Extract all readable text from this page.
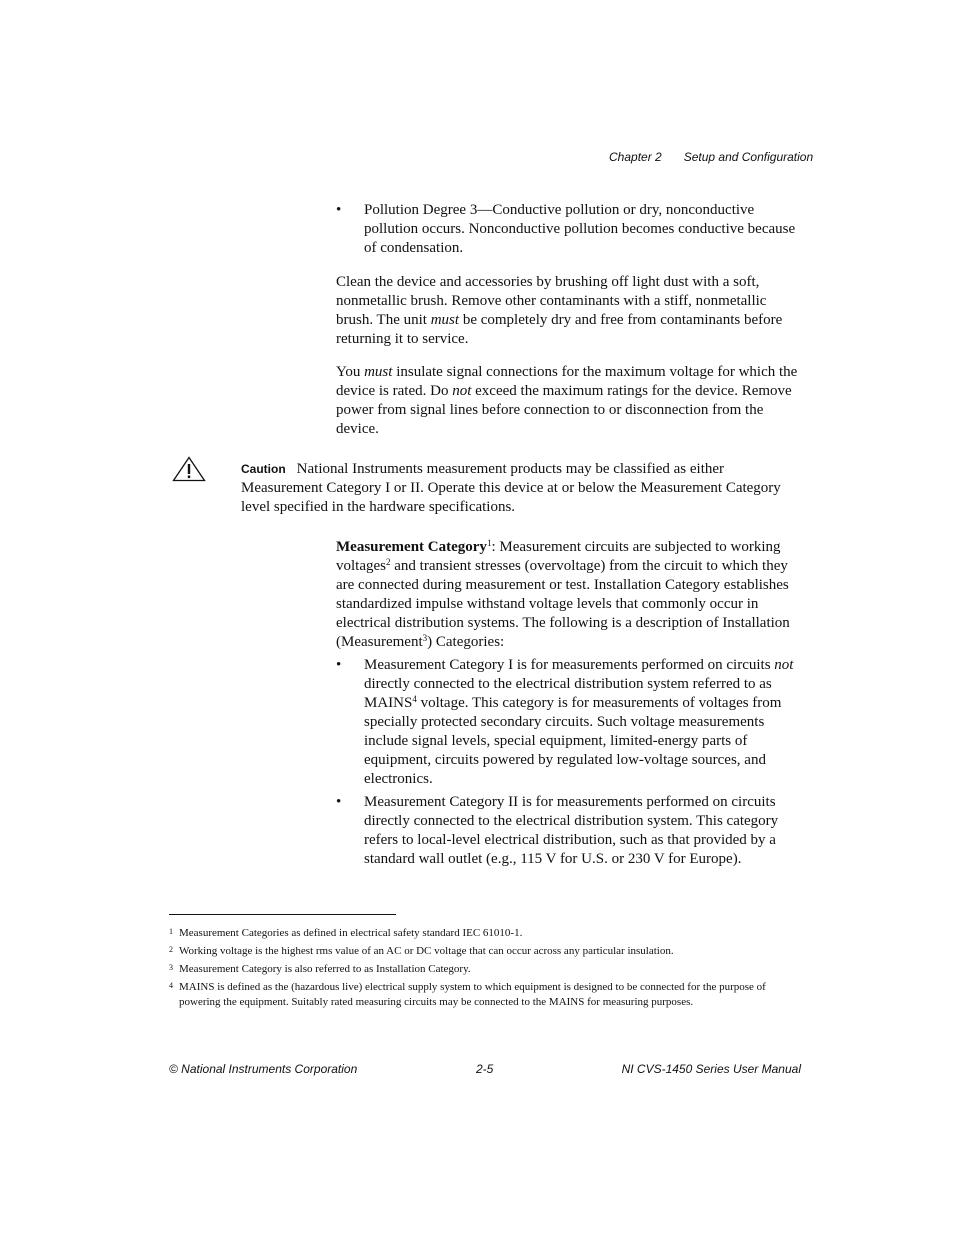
Chapter 2 Setup and Configuration
• Pollution Degree 3—Conductive pollution or dry, nonconductive pollution occurs. Nonconductive pollution becomes conductive because of condensation.
Clean the device and accessories by brushing off light dust with a soft, nonmetallic brush. Remove other contaminants with a stiff, nonmetallic brush. The unit must be completely dry and free from contaminants before returning it to service.
You must insulate signal connections for the maximum voltage for which the device is rated. Do not exceed the maximum ratings for the device. Remove power from signal lines before connection to or disconnection from the device.
Caution National Instruments measurement products may be classified as either Measurement Category I or II. Operate this device at or below the Measurement Category level specified in the hardware specifications.
Measurement Category$^1$: Measurement circuits are subjected to working voltages$^2$ and transient stresses (overvoltage) from the circuit to which they are connected during measurement or test. Installation Category establishes standardized impulse withstand voltage levels that commonly occur in electrical distribution systems. The following is a description of Installation (Measurement$^3$) Categories:
• Measurement Category I is for measurements performed on circuits not directly connected to the electrical distribution system referred to as MAINS$^4$ voltage. This category is for measurements of voltages from specially protected secondary circuits. Such voltage measurements include signal levels, special equipment, limited-energy parts of equipment, circuits powered by regulated low-voltage sources, and electronics.
• Measurement Category II is for measurements performed on circuits directly connected to the electrical distribution system. This category refers to local-level electrical distribution, such as that provided by a standard wall outlet (e.g., 115 V for U.S. or 230 V for Europe).
1 Measurement Categories as defined in electrical safety standard IEC 61010-1.
2 Working voltage is the highest rms value of an AC or DC voltage that can occur across any particular insulation.
3 Measurement Category is also referred to as Installation Category.
4 MAINS is defined as the (hazardous live) electrical supply system to which equipment is designed to be connected for the purpose of powering the equipment. Suitably rated measuring circuits may be connected to the MAINS for measuring purposes.
© National Instruments Corporation	2-5	NI CVS-1450 Series User Manual
